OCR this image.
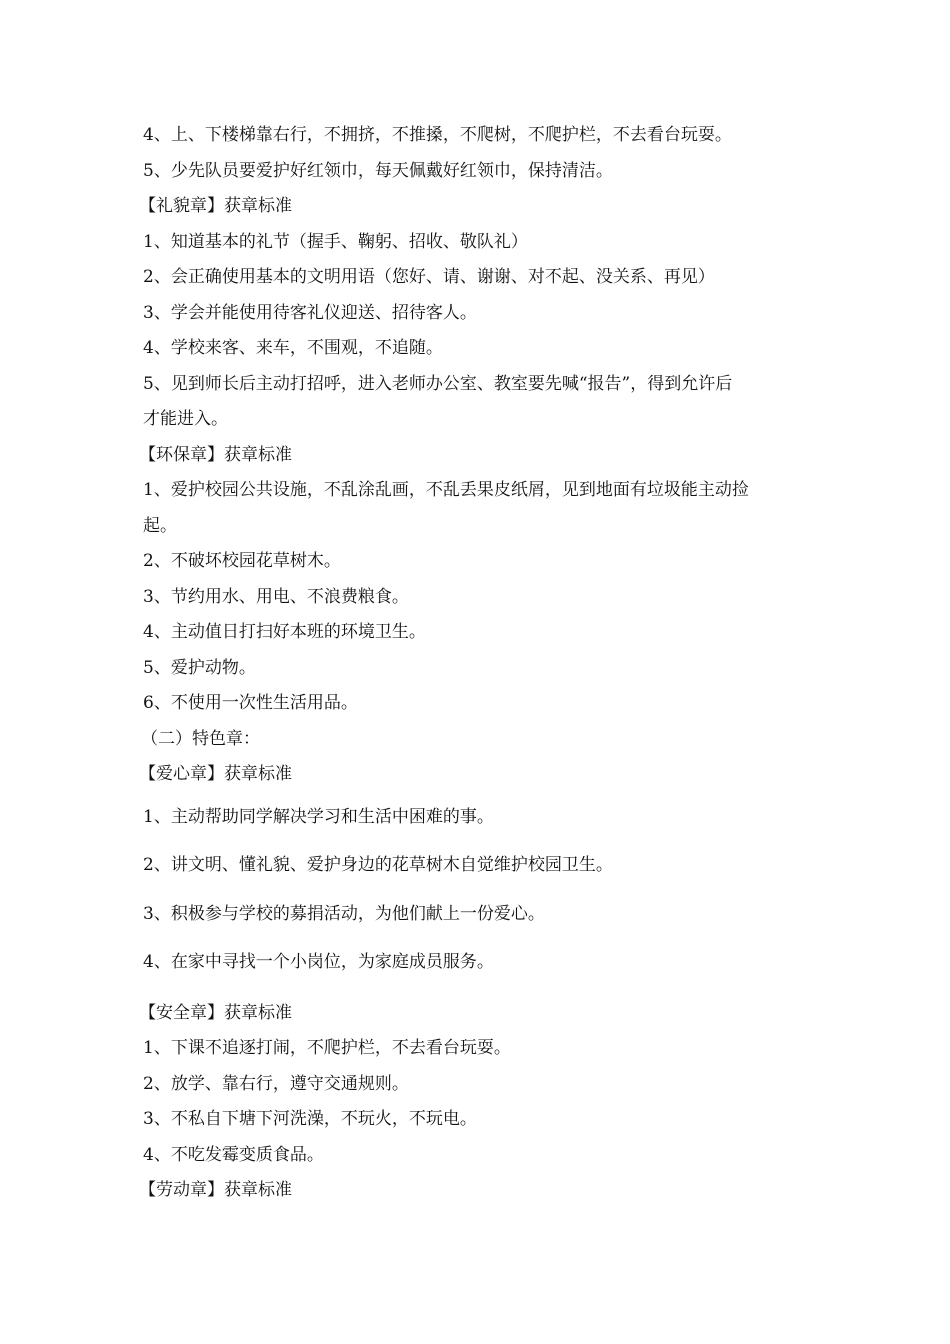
4、上、下楼梯靠右行，不拥挤，不推搡，不爬树，不爬护栏，不去看台玩耍。
5、少先队员要爱护好红领巾，每天佩戴好红领巾，保持清洁。
【礼貌章】获章标准
1、知道基本的礼节（握手、鞠躬、招收、敬队礼）
2、会正确使用基本的文明用语（您好、请、谢谢、对不起、没关系、再见）
3、学会并能使用待客礼仪迎送、招待客人。
4、学校来客、来车，不围观，不追随。
5、见到师长后主动打招呼，进入老师办公室、教室要先喊“报告”，得到允许后
才能进入。
【环保章】获章标准
1、爱护校园公共设施，不乱涂乱画，不乱丢果皮纸屑，见到地面有垃圾能主动捡
起。
2、不破坏校园花草树木。
3、节约用水、用电、不浪费粮食。
4、主动值日打扫好本班的环境卫生。
5、爱护动物。
6、不使用一次性生活用品。
（二）特色章：
【爱心章】获章标准
1、主动帮助同学解决学习和生活中困难的事。
2、讲文明、懂礼貌、爱护身边的花草树木自觉维护校园卫生。
3、积极参与学校的募捐活动，为他们献上一份爱心。
4、在家中寻找一个小岗位，为家庭成员服务。
【安全章】获章标准
1、下课不追逐打闹，不爬护栏，不去看台玩耍。
2、放学、靠右行，遵守交通规则。
3、不私自下塘下河洗澡，不玩火，不玩电。
4、不吃发霉变质食品。
【劳动章】获章标准
